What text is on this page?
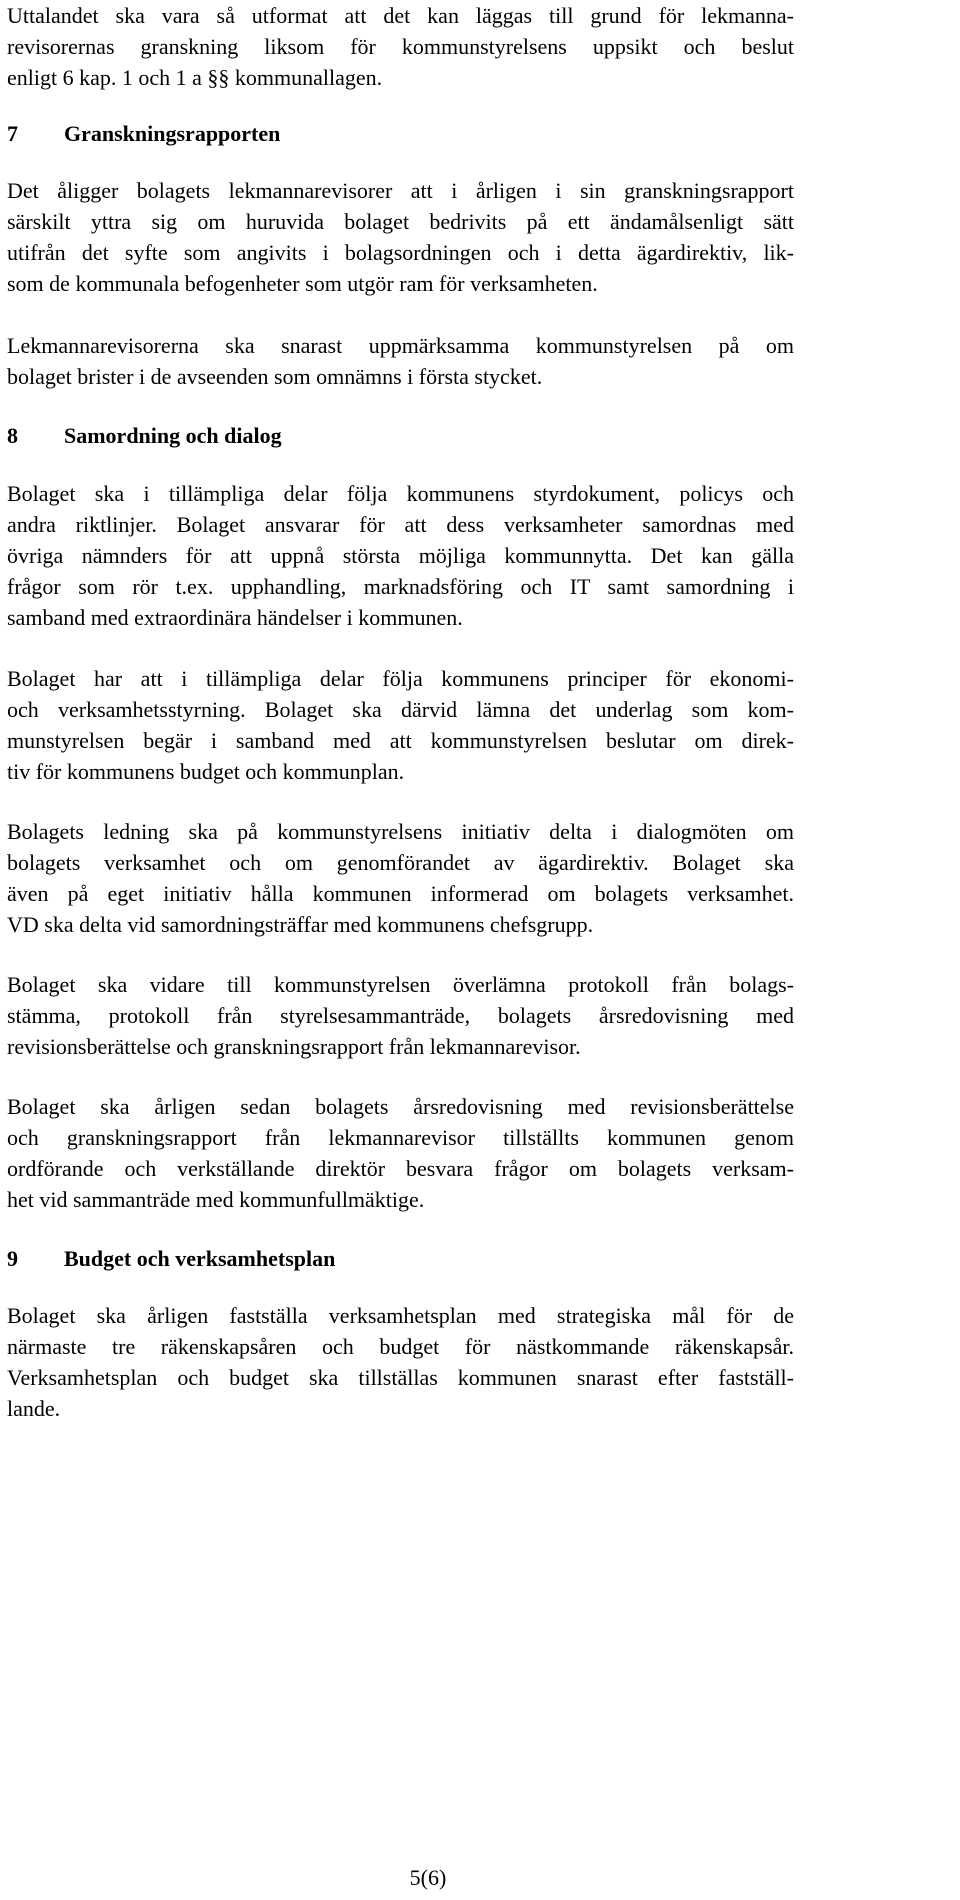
Uttalandet ska vara så utformat att det kan läggas till grund för lekmanna-
revisorernas granskning liksom för kommunstyrelsens uppsikt och beslut
enligt 6 kap. 1 och 1 a §§ kommunallagen.
7 Granskningsrapporten
Det åligger bolagets lekmannarevisorer att i årligen i sin granskningsrapport
särskilt yttra sig om huruvida bolaget bedrivits på ett ändamålsenligt sätt
utifrån det syfte som angivits i bolagsordningen och i detta ägardirektiv, lik-
som de kommunala befogenheter som utgör ram för verksamheten.
Lekmannarevisorerna ska snarast uppmärksamma kommunstyrelsen på om
bolaget brister i de avseenden som omnämns i första stycket.
8 Samordning och dialog
Bolaget ska i tillämpliga delar följa kommunens styrdokument, policys och
andra riktlinjer. Bolaget ansvarar för att dess verksamheter samordnas med
övriga nämnders för att uppnå största möjliga kommunnytta. Det kan gälla
frågor som rör t.ex. upphandling, marknadsföring och IT samt samordning i
samband med extraordinära händelser i kommunen.
Bolaget har att i tillämpliga delar följa kommunens principer för ekonomi-
och verksamhetsstyrning. Bolaget ska därvid lämna det underlag som kom-
munstyrelsen begär i samband med att kommunstyrelsen beslutar om direk-
tiv för kommunens budget och kommunplan.
Bolagets ledning ska på kommunstyrelsens initiativ delta i dialogmöten om
bolagets verksamhet och om genomförandet av ägardirektiv. Bolaget ska
även på eget initiativ hålla kommunen informerad om bolagets verksamhet.
VD ska delta vid samordningsträffar med kommunens chefsgrupp.
Bolaget ska vidare till kommunstyrelsen överlämna protokoll från bolags-
stämma, protokoll från styrelsesammanträde, bolagets årsredovisning med
revisionsberättelse och granskningsrapport från lekmannarevisor.
Bolaget ska årligen sedan bolagets årsredovisning med revisionsberättelse
och granskningsrapport från lekmannarevisor tillställts kommunen genom
ordförande och verkställande direktör besvara frågor om bolagets verksam-
het vid sammanträde med kommunfullmäktige.
9 Budget och verksamhetsplan
Bolaget ska årligen fastställa verksamhetsplan med strategiska mål för de
närmaste tre räkenskapsåren och budget för nästkommande räkenskapsår.
Verksamhetsplan och budget ska tillställas kommunen snarast efter fastställ-
lande.
5(6)
